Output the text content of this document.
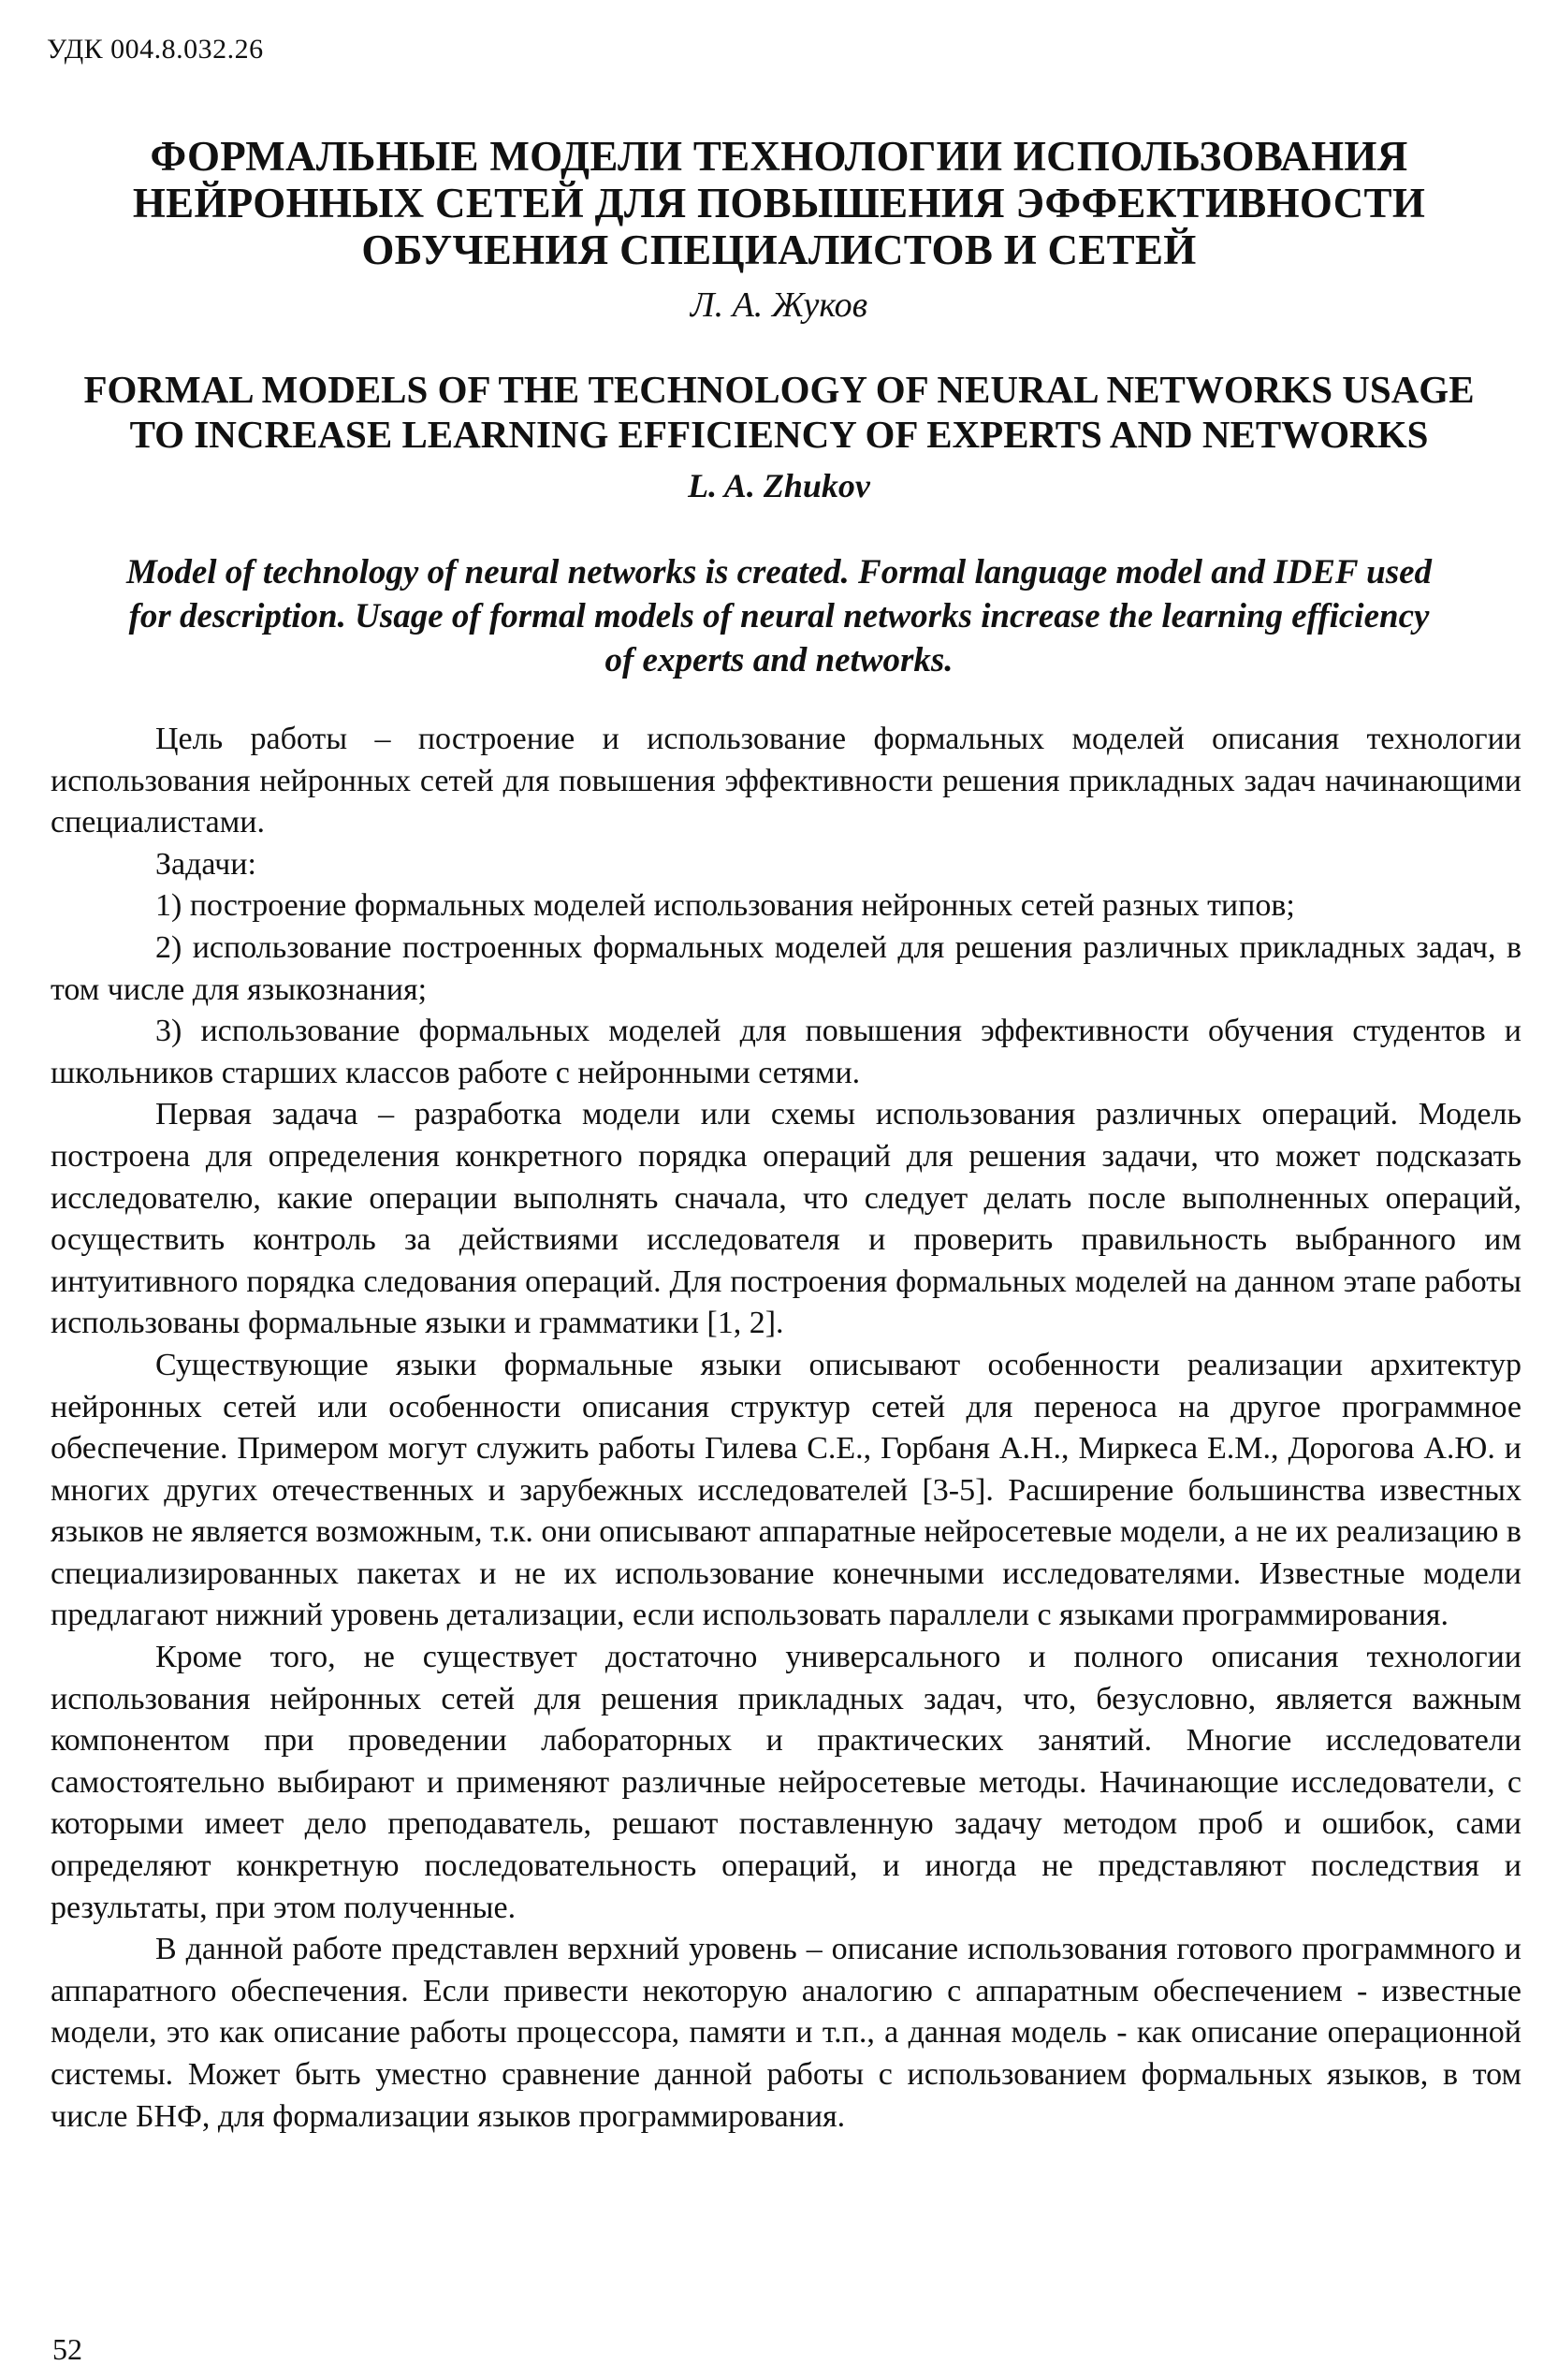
УДК 004.8.032.26
ФОРМАЛЬНЫЕ МОДЕЛИ ТЕХНОЛОГИИ ИСПОЛЬЗОВАНИЯ НЕЙРОННЫХ СЕТЕЙ ДЛЯ ПОВЫШЕНИЯ ЭФФЕКТИВНОСТИ ОБУЧЕНИЯ СПЕЦИАЛИСТОВ И СЕТЕЙ
Л. А. Жуков
FORMAL MODELS OF THE TECHNOLOGY OF NEURAL NETWORKS USAGE TO INCREASE LEARNING EFFICIENCY OF EXPERTS AND NETWORKS
L. A. Zhukov
Model of technology of neural networks is created. Formal language model and IDEF used for description. Usage of formal models of neural networks increase the learning efficiency of experts and networks.

Цель работы – построение и использование формальных моделей описания технологии использования нейронных сетей для повышения эффективности решения прикладных задач начинающими специалистами.

Задачи:

1) построение формальных моделей использования нейронных сетей разных типов;

2) использование построенных формальных моделей для решения различных прикладных задач, в том числе для языкознания;

3) использование формальных моделей для повышения эффективности обучения студентов и школьников старших классов работе с нейронными сетями.

Первая задача – разработка модели или схемы использования различных операций. Модель построена для определения конкретного порядка операций для решения задачи, что может подсказать исследователю, какие операции выполнять сначала, что следует делать после выполненных операций, осуществить контроль за действиями исследователя и проверить правильность выбранного им интуитивного порядка следования операций. Для построения формальных моделей на данном этапе работы использованы формальные языки и грамматики [1, 2].

Существующие языки формальные языки описывают особенности реализации архитектур нейронных сетей или особенности описания структур сетей для переноса на другое программное обеспечение. Примером могут служить работы Гилева С.Е., Горбаня А.Н., Миркеса Е.М., Дорогова А.Ю. и многих других отечественных и зарубежных исследователей [3-5]. Расширение большинства известных языков не является возможным, т.к. они описывают аппаратные нейросетевые модели, а не их реализацию в специализированных пакетах и не их использование конечными исследователями. Известные модели предлагают нижний уровень детализации, если использовать параллели с языками программирования.

Кроме того, не существует достаточно универсального и полного описания технологии использования нейронных сетей для решения прикладных задач, что, безусловно, является важным компонентом при проведении лабораторных и практических занятий. Многие исследователи самостоятельно выбирают и применяют различные нейросетевые методы. Начинающие исследователи, с которыми имеет дело преподаватель, решают поставленную задачу методом проб и ошибок, сами определяют конкретную последовательность операций, и иногда не представляют последствия и результаты, при этом полученные.

В данной работе представлен верхний уровень – описание использования готового программного и аппаратного обеспечения. Если привести некоторую аналогию с аппаратным обеспечением - известные модели, это как описание работы процессора, памяти и т.п., а данная модель - как описание операционной системы. Может быть уместно сравнение данной работы с использованием формальных языков, в том числе БНФ, для формализации языков программирования.

52
